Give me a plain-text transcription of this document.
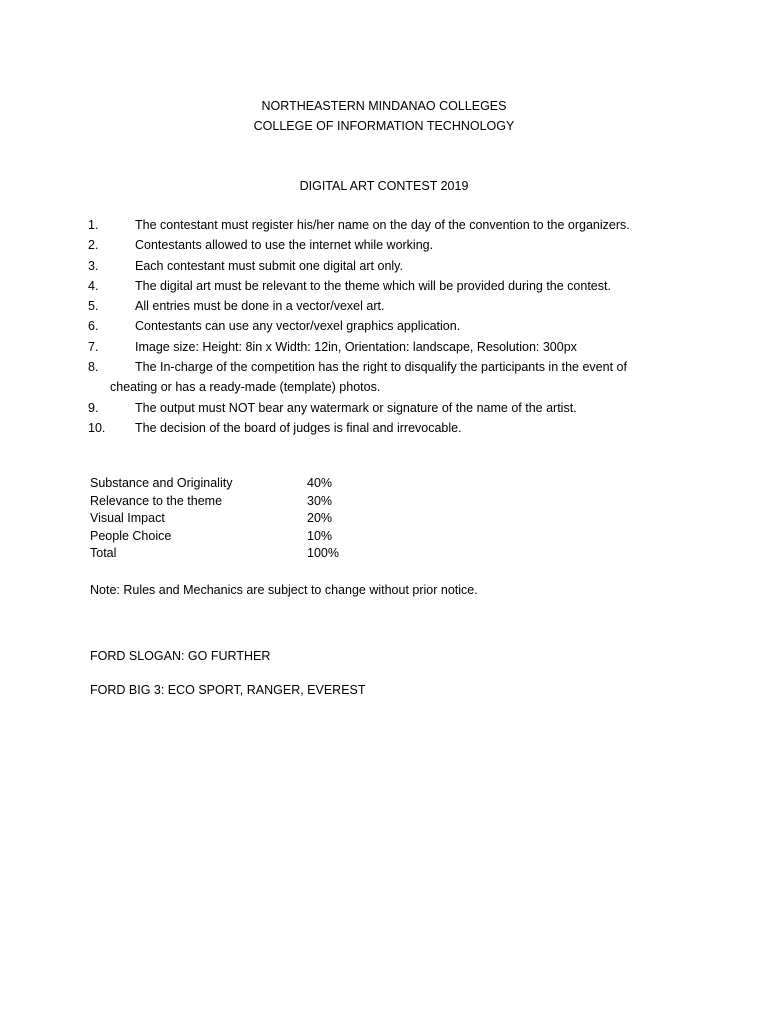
NORTHEASTERN MINDANAO COLLEGES
COLLEGE OF INFORMATION TECHNOLOGY
DIGITAL ART CONTEST 2019
1.	The contestant must register his/her name on the day of the convention to the organizers.
2.	Contestants allowed to use the internet while working.
3.	Each contestant must submit one digital art only.
4.	The digital art must be relevant to the theme which will be provided during the contest.
5.	All entries must be done in a vector/vexel art.
6.	Contestants can use any vector/vexel graphics application.
7.	Image size: Height: 8in x Width: 12in, Orientation: landscape, Resolution: 300px
8.	The In-charge of the competition has the right to disqualify the participants in the event of
cheating or has a ready-made (template) photos.
9.	The output must NOT bear any watermark or signature of the name of the artist.
10.	The decision of the board of judges is final and irrevocable.
Substance and Originality	40%
Relevance to the theme	30%
Visual Impact	20%
People Choice	10%
Total	100%
Note: Rules and Mechanics are subject to change without prior notice.
FORD SLOGAN: GO FURTHER
FORD BIG 3: ECO SPORT, RANGER, EVEREST
